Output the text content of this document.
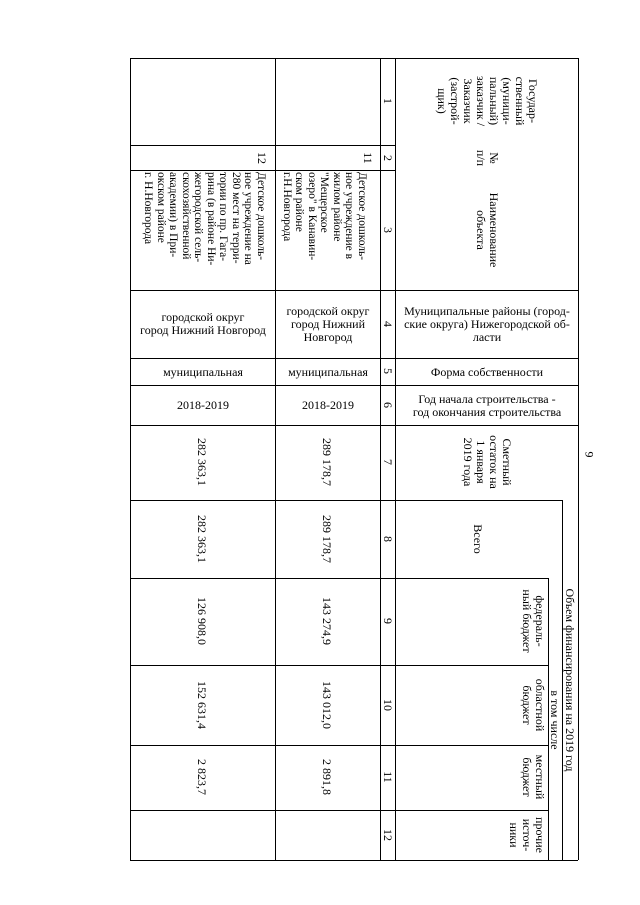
9
Государ-
ственный
(муници-
пальный)
заказчик /
Заказчик
(застрой-
щик)
№
п/п
Наименование
объекта
Муниципальные районы (город-
ские округа) Нижегородской об-
ласти
Форма собственности
Год начала строительства -
год окончания строительства
Сметный
остаток на
1 января
2019 года
Объем финансирования на 2019 год
Всего
в том числе
федераль-
ный бюджет
областной
бюджет
местный
бюджет
прочие
источ-
ники
1
2
3
4
5
6
7
8
9
10
11
12
11
Детское дошколь-
ное учреждение в
жилом районе
"Мещерское
озеро" в Канавин-
ском районе
г.Н.Новгорода
городской округ
город Нижний
Новгород
муниципальная
2018-2019
289 178,7
289 178,7
143 274,9
143 012,0
2 891,8
12
Детское дошколь-
ное учреждение на
280 мест на терри-
тории по пр. Гага-
рина (в районе Ни-
жегородской сель-
скохозяйственной
академии) в При-
окском районе
г. Н.Новгорода
городской округ
город Нижний Новгород
муниципальная
2018-2019
282 363,1
282 363,1
126 908,0
152 631,4
2 823,7
